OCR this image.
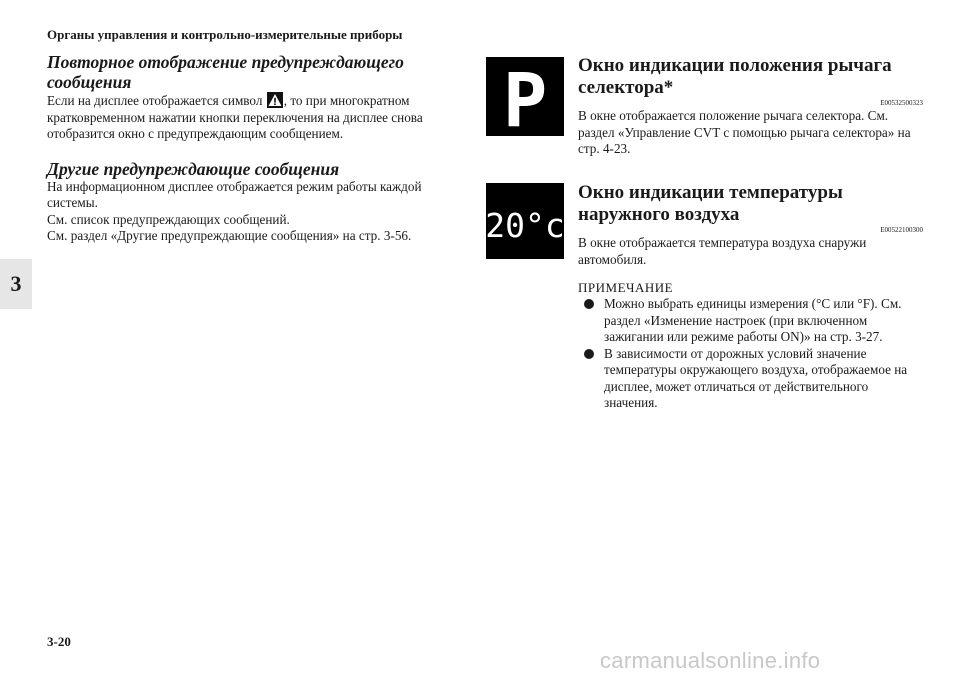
Органы управления и контрольно-измерительные приборы
3

Повторное отображение предупреждающего сообщения

Если на дисплее отображается символ , то при многократном кратковременном нажатии кнопки переключения на дисплее снова отобразится окно с предупреждающим сообщением.

Другие предупреждающие сообщения

На информационном дисплее отображается режим работы каждой системы.

См. список предупреждающих сообщений.

См. раздел «Другие предупреждающие сообщения» на стр. 3-56.

P Окно индикации положения рычага селектора*

E00532500323

В окне отображается положение рычага селектора. См. раздел «Управление CVT с помощью рычага селектора» на стр. 4-23.

20°c

Окно индикации температуры наружного воздуха

E00522100300

В окне отображается температура воздуха снаружи автомобиля.

ПРИМЕЧАНИЕ

Можно выбрать единицы измерения (°C или °F). См. раздел «Изменение настроек (при включенном зажигании или режиме работы ON)» на стр. 3-27.
В зависимости от дорожных условий значение температуры окружающего воздуха, отображаемое на дисплее, может отличаться от действительного значения.
3-20
carmanualsonline.info
